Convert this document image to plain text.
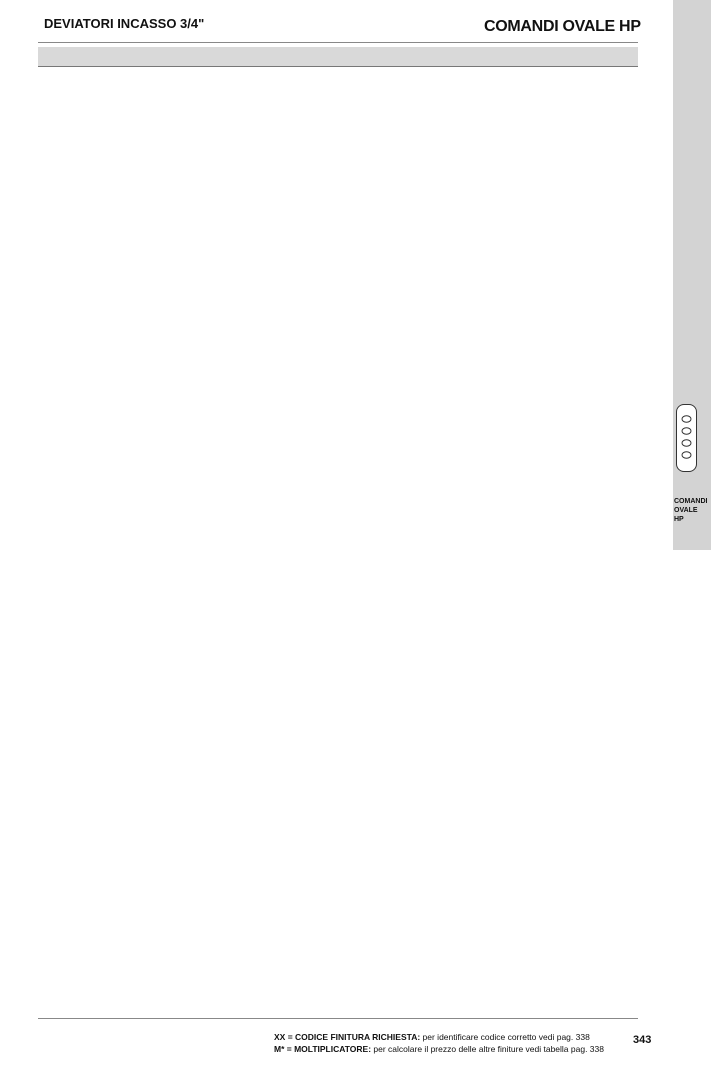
DEVIATORI INCASSO 3/4"	COMANDI OVALE HP
COMANDI
OVALE
HP
XX = CODICE FINITURA RICHIESTA: per identificare codice corretto vedi pag. 338
M* = MOLTIPLICATORE: per calcolare il prezzo delle altre finiture vedi tabella pag. 338
343
